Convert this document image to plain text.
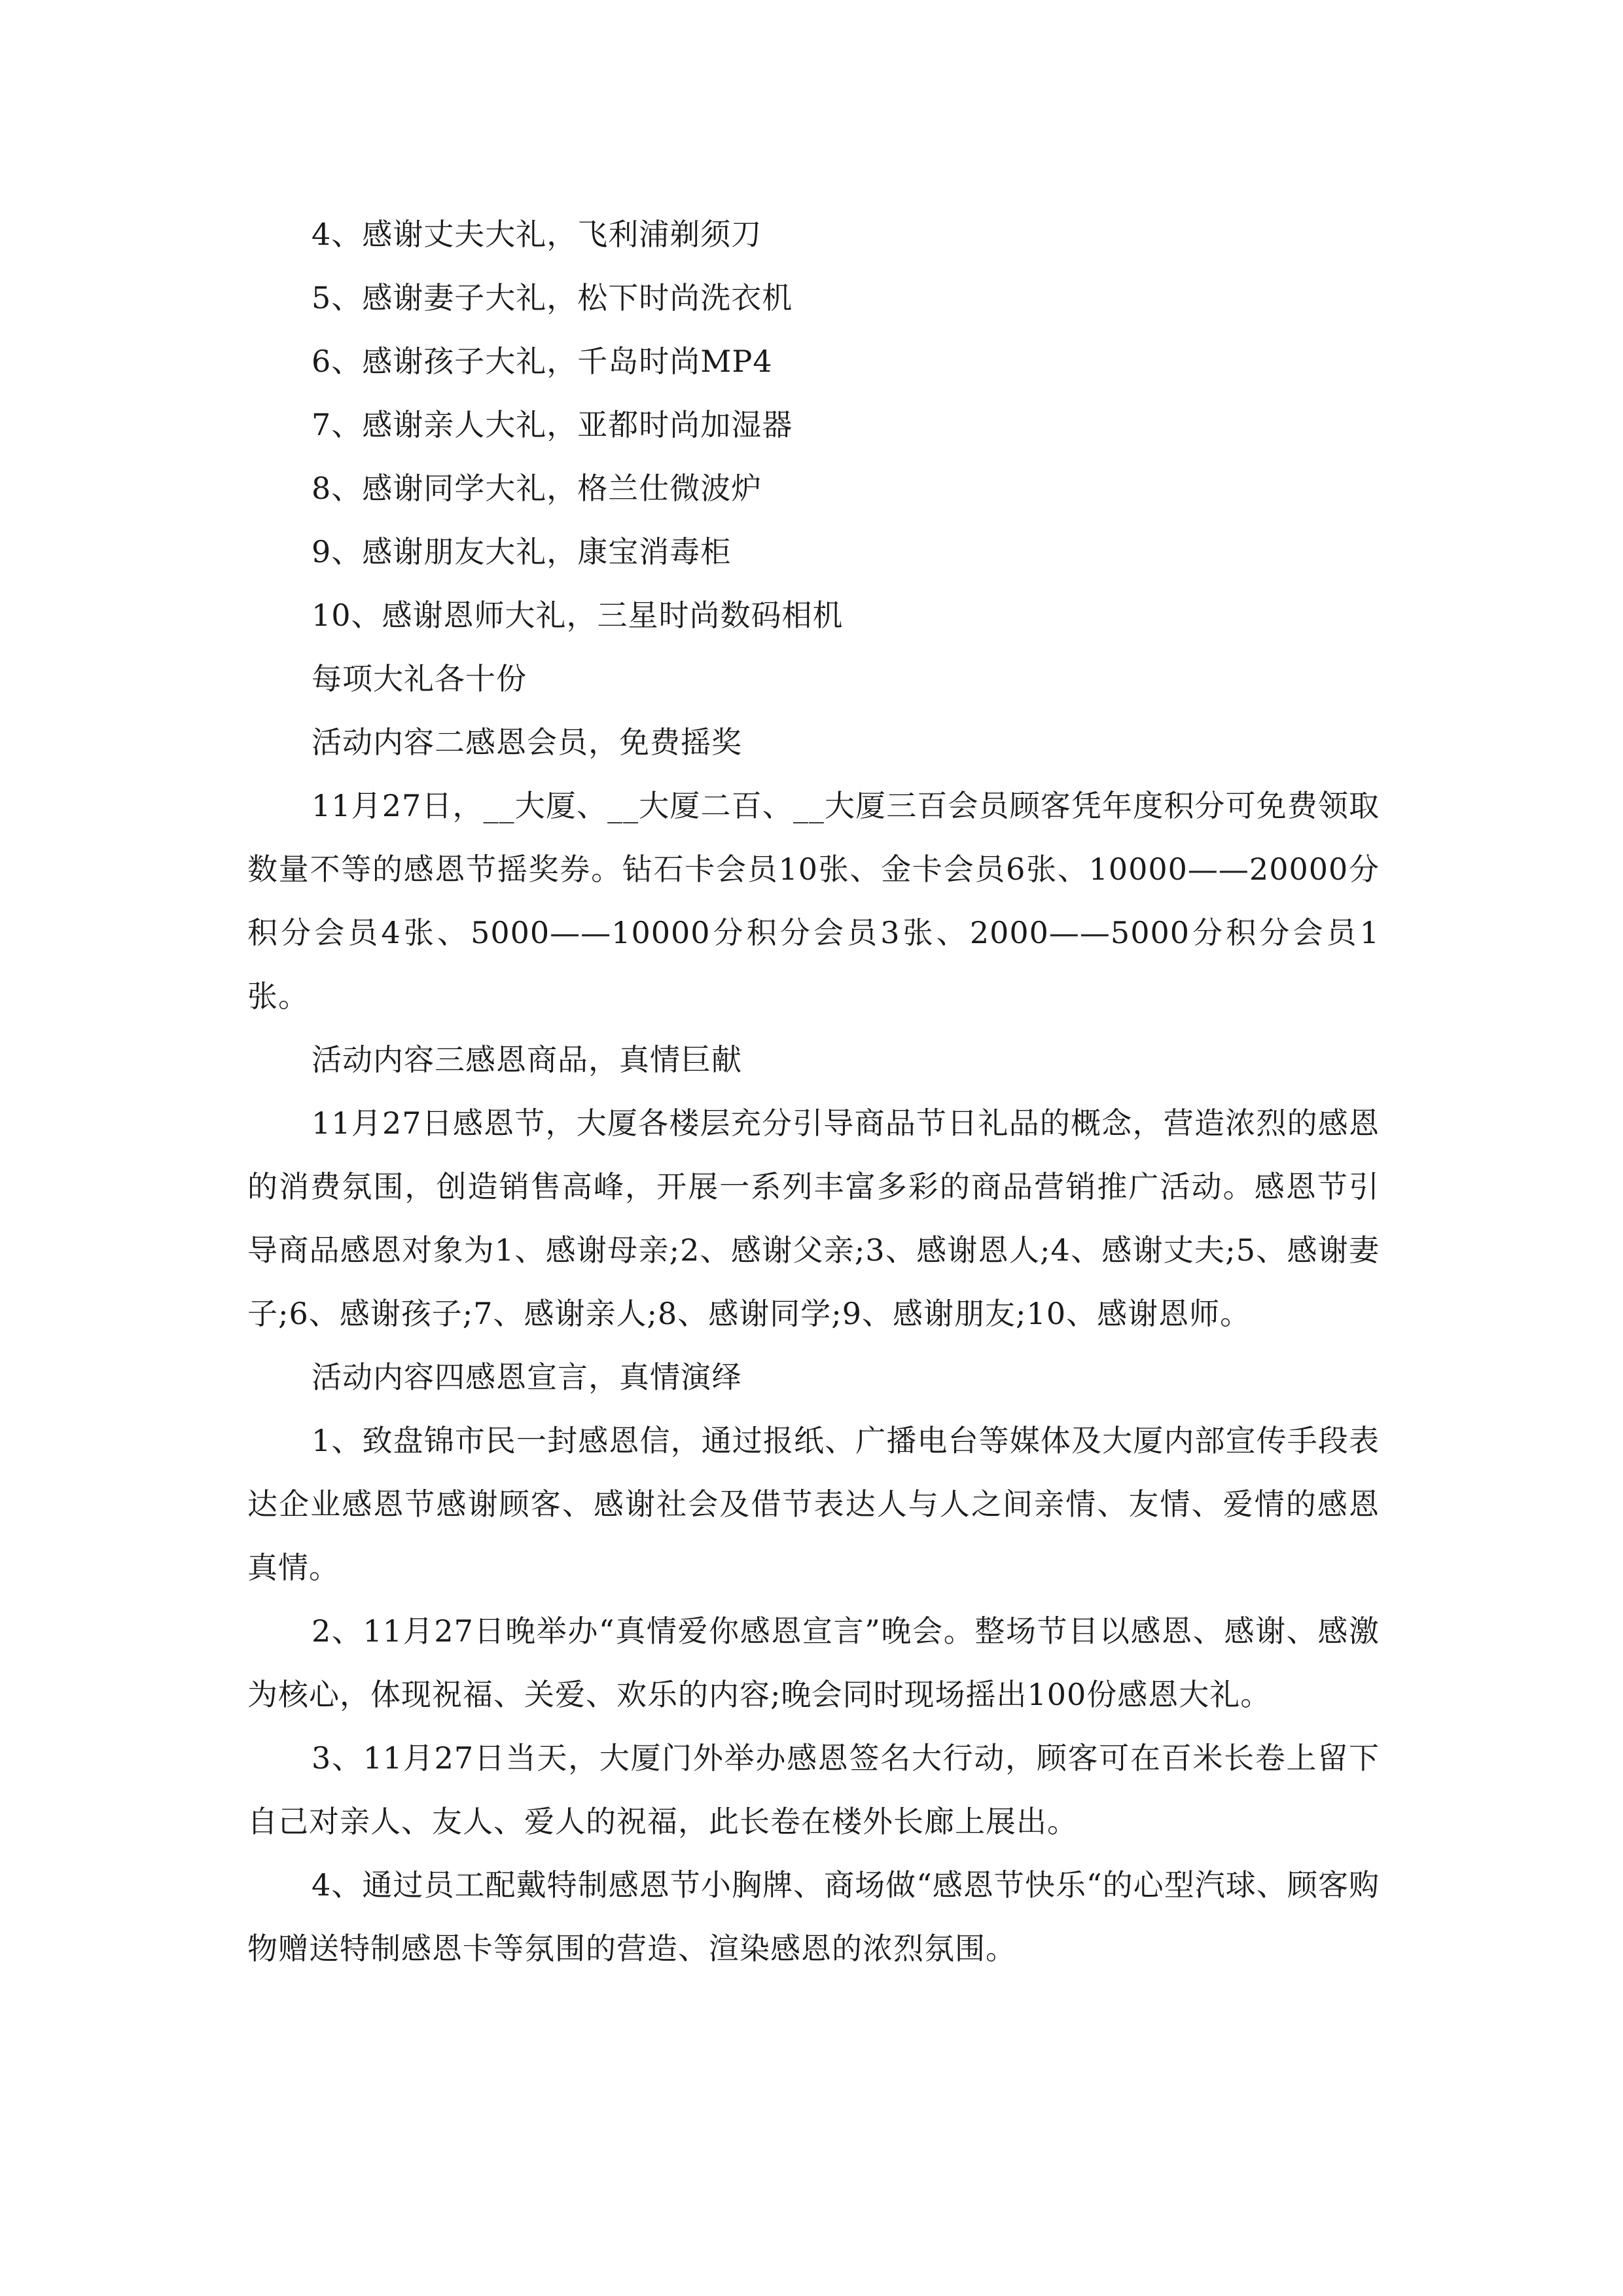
4、感谢丈夫大礼，飞利浦剃须刀
5、感谢妻子大礼，松下时尚洗衣机
6、感谢孩子大礼，千岛时尚MP4
7、感谢亲人大礼，亚都时尚加湿器
8、感谢同学大礼，格兰仕微波炉
9、感谢朋友大礼，康宝消毒柜
10、感谢恩师大礼，三星时尚数码相机
每项大礼各十份
活动内容二感恩会员，免费摇奖

11月27日，__大厦、__大厦二百、__大厦三百会员顾客凭年度积分可免费领取数量不等的感恩节摇奖券。钻石卡会员10张、金卡会员6张、10000——20000分积分会员4张、5000——10000分积分会员3张、2000——5000分积分会员1张。

活动内容三感恩商品，真情巨献

11月27日感恩节，大厦各楼层充分引导商品节日礼品的概念，营造浓烈的感恩的消费氛围，创造销售高峰，开展一系列丰富多彩的商品营销推广活动。感恩节引导商品感恩对象为1、感谢母亲;2、感谢父亲;3、感谢恩人;4、感谢丈夫;5、感谢妻子;6、感谢孩子;7、感谢亲人;8、感谢同学;9、感谢朋友;10、感谢恩师。

活动内容四感恩宣言，真情演绎

1、致盘锦市民一封感恩信，通过报纸、广播电台等媒体及大厦内部宣传手段表达企业感恩节感谢顾客、感谢社会及借节表达人与人之间亲情、友情、爱情的感恩真情。

2、11月27日晚举办“真情爱你感恩宣言”晚会。整场节目以感恩、感谢、感激为核心，体现祝福、关爱、欢乐的内容;晚会同时现场摇出100份感恩大礼。

3、11月27日当天，大厦门外举办感恩签名大行动，顾客可在百米长卷上留下自己对亲人、友人、爱人的祝福，此长卷在楼外长廊上展出。

4、通过员工配戴特制感恩节小胸牌、商场做“感恩节快乐“的心型汽球、顾客购物赠送特制感恩卡等氛围的营造、渲染感恩的浓烈氛围。
